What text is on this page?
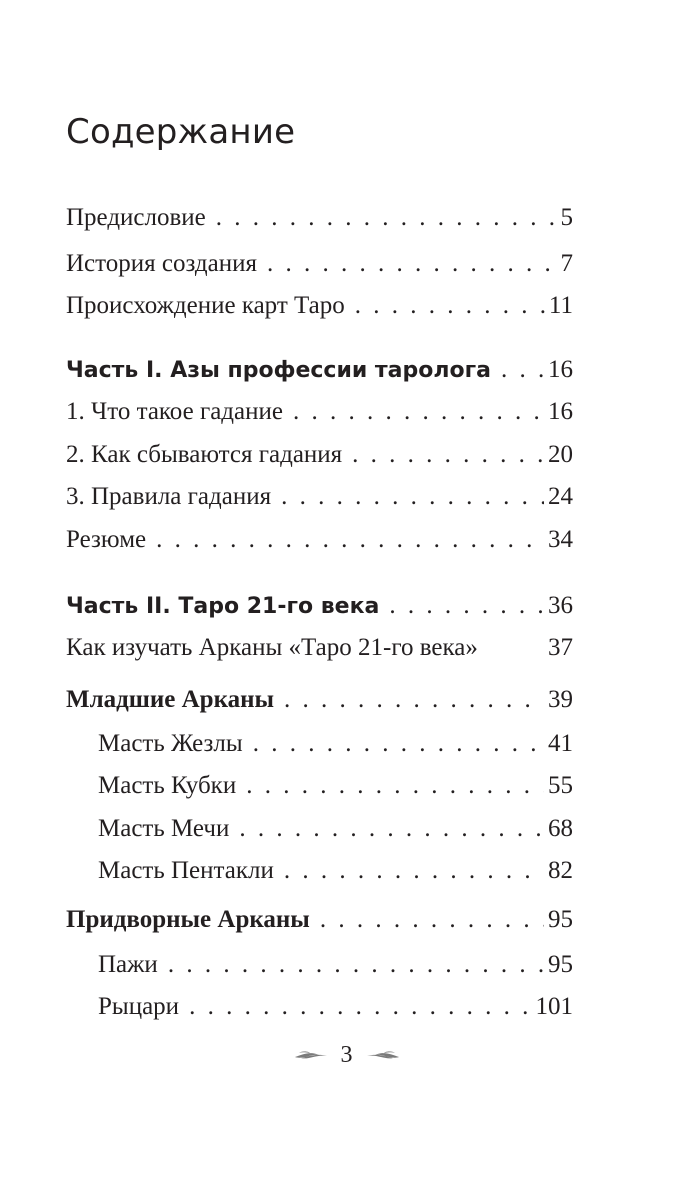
Содержание
Предисловие . . .	5
История создания . . .	7
Происхождение карт Таро . . .	11
Часть I. Азы профессии таролога . . . 16
1. Что такое гадание . . .	16
2. Как сбываются гадания . . .	20
3. Правила гадания . . .	24
Резюме . . .	34
Часть II. Таро 21-го века . . .	36
Как изучать Арканы «Таро 21-го века»	37
Младшие Арканы . . .	39
Масть Жезлы . . .	41
Масть Кубки . . .	55
Масть Мечи . . .	68
Масть Пентакли . . .	82
Придворные Арканы . . .	95
Пажи . . .	95
Рыцари . . .	101
3
